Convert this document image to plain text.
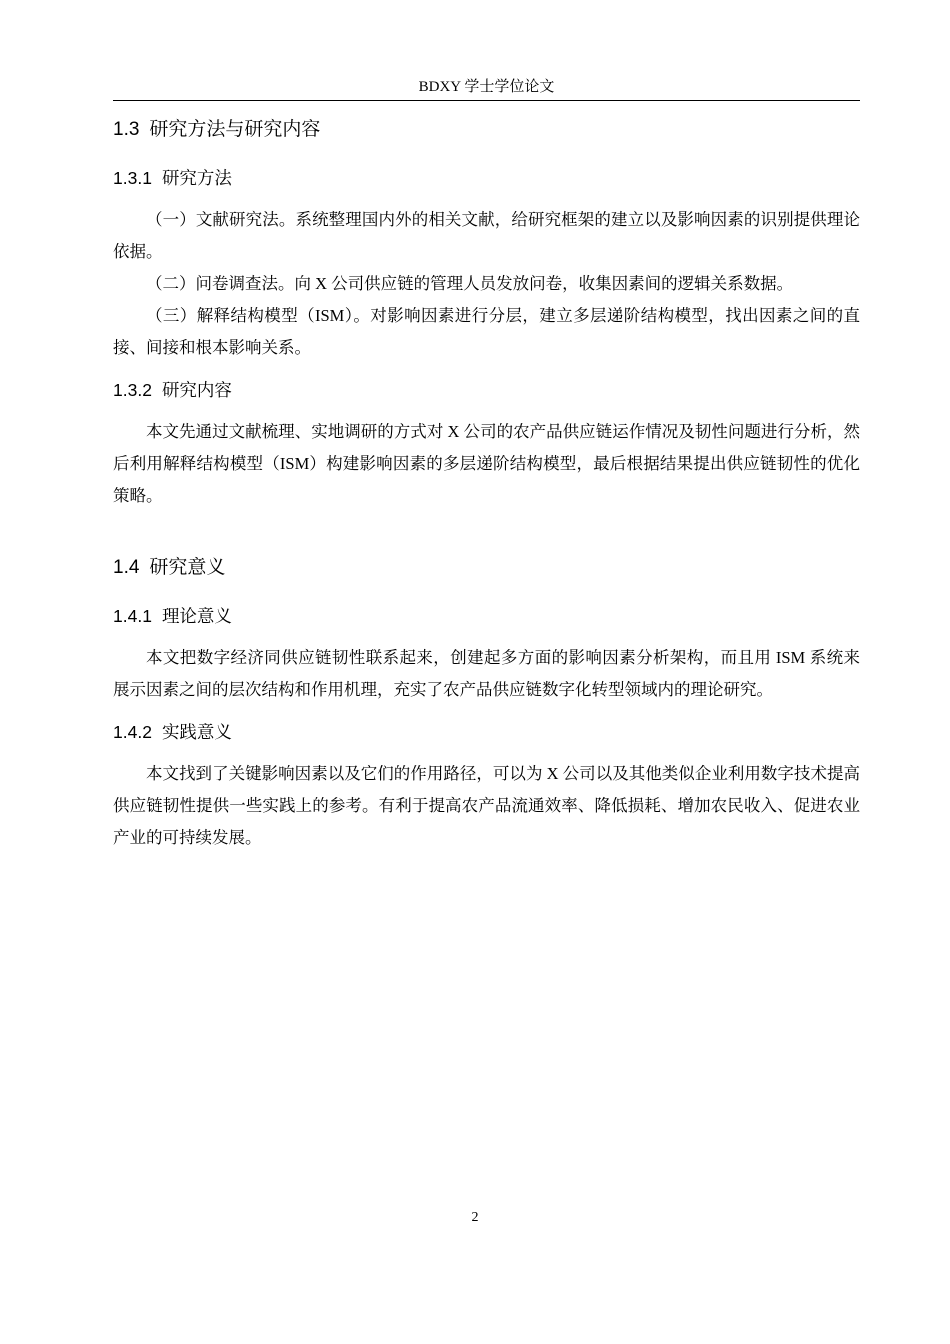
BDXY 学士学位论文
1.3 研究方法与研究内容
1.3.1 研究方法

（一）文献研究法。系统整理国内外的相关文献，给研究框架的建立以及影响因素的识别提供理论依据。

（二）问卷调查法。向 X 公司供应链的管理人员发放问卷，收集因素间的逻辑关系数据。

（三）解释结构模型（ISM）。对影响因素进行分层，建立多层递阶结构模型，找出因素之间的直接、间接和根本影响关系。

1.3.2 研究内容

本文先通过文献梳理、实地调研的方式对 X 公司的农产品供应链运作情况及韧性问题进行分析，然后利用解释结构模型（ISM）构建影响因素的多层递阶结构模型，最后根据结果提出供应链韧性的优化策略。

1.4 研究意义
1.4.1 理论意义

本文把数字经济同供应链韧性联系起来，创建起多方面的影响因素分析架构，而且用 ISM 系统来展示因素之间的层次结构和作用机理，充实了农产品供应链数字化转型领域内的理论研究。

1.4.2 实践意义

本文找到了关键影响因素以及它们的作用路径，可以为 X 公司以及其他类似企业利用数字技术提高供应链韧性提供一些实践上的参考。有利于提高农产品流通效率、降低损耗、增加农民收入、促进农业产业的可持续发展。

2
